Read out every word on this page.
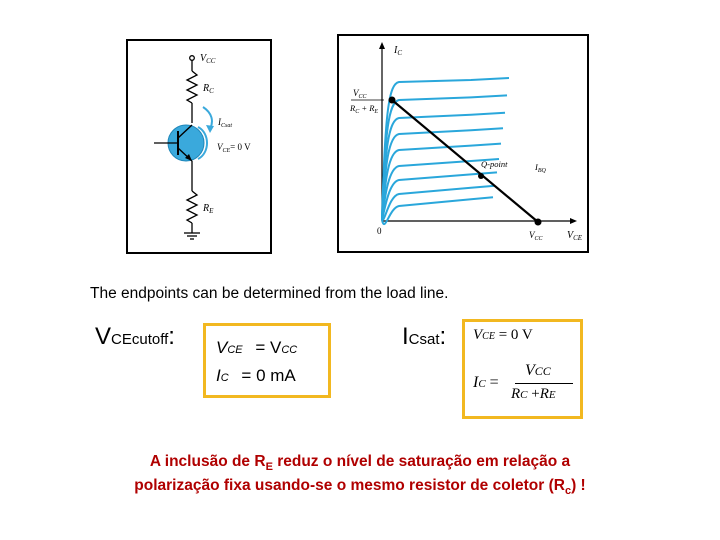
$V_{CC}$
$R_C$
$I_Csat$
$V_{CE}= 0$ V
$R_E$
$I_C$
$V_{CE}$
0
$V_{CC}$
$R_C + R_E$
Q-point	$I_{BQ}$
$V_{CC}$
The endpoints can be determined from the load line.
VCEcutoff: VCE = VCC
IC = 0 mA
ICsat: VCE = 0 V
IC =
VCC
RC +RE
A inclusão de $R_E$ reduz o nível de saturação em relação a
polarização fixa usando-se o mesmo resistor de coletor $(R_c)$ !
